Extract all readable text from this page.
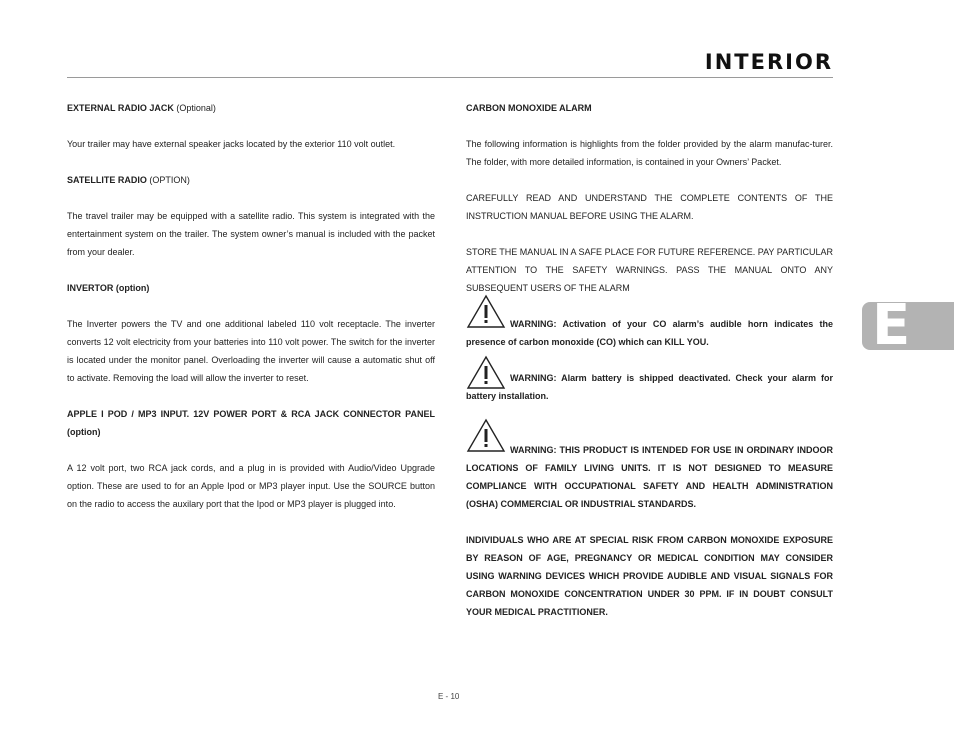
INTERIOR
E

EXTERNAL RADIO JACK (Optional)

Your trailer may have external speaker jacks located by the exterior 110 volt outlet.

SATELLITE RADIO (OPTION)

The travel trailer may be equipped with a satellite radio. This system is integrated with the entertainment system on the trailer. The system owner’s manual is included with the packet from your dealer.

INVERTOR (option)

The Inverter powers the TV and one additional labeled 110 volt receptacle. The inverter converts 12 volt electricity from your batteries into 110 volt power. The switch for the inverter is located under the monitor panel. Overloading the inverter will cause a automatic shut off to activate. Removing the load will allow the inverter to reset.

APPLE I POD / MP3 INPUT. 12V POWER PORT & RCA JACK CONNECTOR PANEL (option)

A 12 volt port, two RCA jack cords, and a plug in is provided with Audio/Video Upgrade option. These are used to for an Apple Ipod or MP3 player input. Use the SOURCE button on the radio to access the auxilary port that the Ipod or MP3 player is plugged into.

CARBON MONOXIDE ALARM

The following information is highlights from the folder provided by the alarm manufac-turer. The folder, with more detailed information, is contained in your Owners’ Packet.

CAREFULLY READ AND UNDERSTAND THE COMPLETE CONTENTS OF THE INSTRUCTION MANUAL BEFORE USING THE ALARM.

STORE THE MANUAL IN A SAFE PLACE FOR FUTURE REFERENCE. PAY PARTICULAR ATTENTION TO THE SAFETY WARNINGS. PASS THE MANUAL ONTO ANY SUBSEQUENT USERS OF THE ALARM

WARNING: Activation of your CO alarm’s audible horn indicates the presence of carbon monoxide (CO) which can KILL YOU.
WARNING: Alarm battery is shipped deactivated. Check your alarm for battery installation.
WARNING: THIS PRODUCT IS INTENDED FOR USE IN ORDINARY INDOOR LOCATIONS OF FAMILY LIVING UNITS. IT IS NOT DESIGNED TO MEASURE COMPLIANCE WITH OCCUPATIONAL SAFETY AND HEALTH ADMINISTRATION (OSHA) COMMERCIAL OR INDUSTRIAL STANDARDS.

INDIVIDUALS WHO ARE AT SPECIAL RISK FROM CARBON MONOXIDE EXPOSURE BY REASON OF AGE, PREGNANCY OR MEDICAL CONDITION MAY CONSIDER USING WARNING DEVICES WHICH PROVIDE AUDIBLE AND VISUAL SIGNALS FOR CARBON MONOXIDE CONCENTRATION UNDER 30 PPM. IF IN DOUBT CONSULT YOUR MEDICAL PRACTITIONER.

E - 10
